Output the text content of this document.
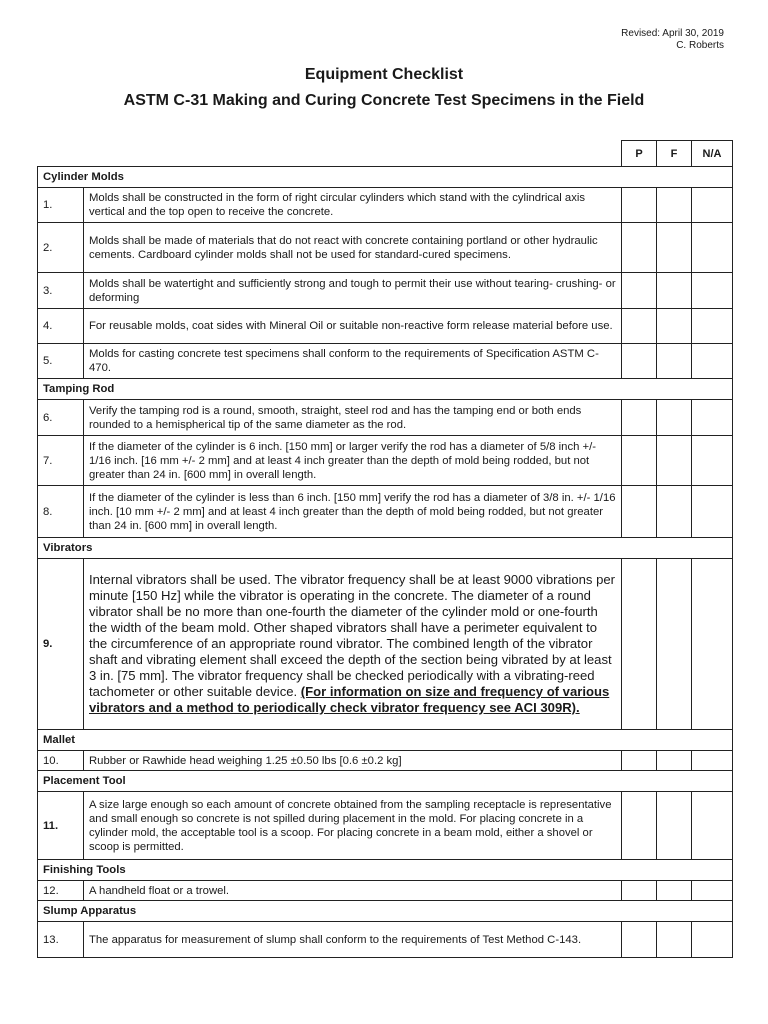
Revised: April 30, 2019
C. Roberts
Equipment Checklist
ASTM C-31 Making and Curing Concrete Test Specimens in the Field
		P	F	N/A
Cylinder Molds				
1.	Molds shall be constructed in the form of right circular cylinders which stand with the cylindrical axis vertical and the top open to receive the concrete.			
2.	Molds shall be made of materials that do not react with concrete containing portland or other hydraulic cements. Cardboard cylinder molds shall not be used for standard-cured specimens.			
3.	Molds shall be watertight and sufficiently strong and tough to permit their use without tearing- crushing- or deforming			
4.	For reusable molds, coat sides with Mineral Oil or suitable non-reactive form release material before use.			
5.	Molds for casting concrete test specimens shall conform to the requirements of Specification ASTM C-470.			
Tamping Rod				
6.	Verify the tamping rod is a round, smooth, straight, steel rod and has the tamping end or both ends rounded to a hemispherical tip of the same diameter as the rod.			
7.	If the diameter of the cylinder is 6 inch. [150 mm] or larger verify the rod has a diameter of 5/8 inch +/- 1/16 inch. [16 mm +/- 2 mm] and at least 4 inch greater than the depth of mold being rodded, but not greater than 24 in. [600 mm] in overall length.			
8.	If the diameter of the cylinder is less than 6 inch. [150 mm] verify the rod has a diameter of 3/8 in. +/- 1/16 inch. [10 mm +/- 2 mm] and at least 4 inch greater than the depth of mold being rodded, but not greater than 24 in. [600 mm] in overall length.			
Vibrators				
9.	Internal vibrators shall be used. The vibrator frequency shall be at least 9000 vibrations per minute [150 Hz] while the vibrator is operating in the concrete. The diameter of a round vibrator shall be no more than one-fourth the diameter of the cylinder mold or one-fourth the width of the beam mold. Other shaped vibrators shall have a perimeter equivalent to the circumference of an appropriate round vibrator. The combined length of the vibrator shaft and vibrating element shall exceed the depth of the section being vibrated by at least 3 in. [75 mm]. The vibrator frequency shall be checked periodically with a vibrating-reed tachometer or other suitable device. (For information on size and frequency of various vibrators and a method to periodically check vibrator frequency see ACI 309R).			
Mallet				
10.	Rubber or Rawhide head weighing 1.25 ±0.50 lbs [0.6 ±0.2 kg]			
Placement Tool				
11.	A size large enough so each amount of concrete obtained from the sampling receptacle is representative and small enough so concrete is not spilled during placement in the mold. For placing concrete in a cylinder mold, the acceptable tool is a scoop. For placing concrete in a beam mold, either a shovel or scoop is permitted.			
Finishing Tools				
12.	A handheld float or a trowel.			
Slump Apparatus				
13.	The apparatus for measurement of slump shall conform to the requirements of Test Method C-143.			
